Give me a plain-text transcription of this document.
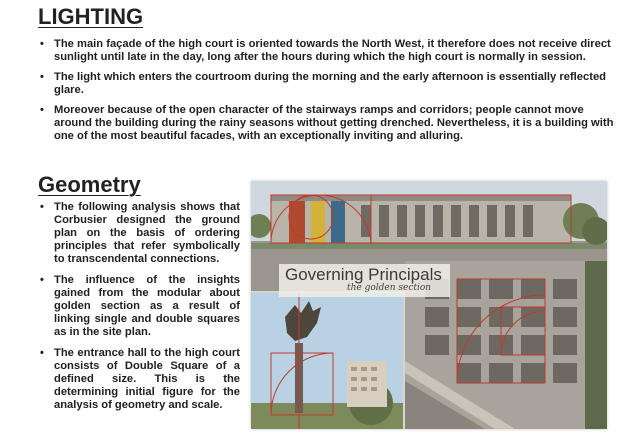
LIGHTING
• The main façade of the high court is oriented towards the North West, it therefore does not receive direct sunlight until late in the day, long after the hours during which the high court is normally in session.
• The light which enters the courtroom during the morning and the early afternoon is essentially reflected glare.
• Moreover because of the open character of the stairways ramps and corridors; people cannot move around the building during the rainy seasons without getting drenched. Nevertheless, it is a building with one of the most beautiful facades, with an exceptionally inviting and alluring.
Geometry
• The following analysis shows that Corbusier designed the ground plan on the basis of ordering principles that refer symbolically to transcendental connections.
• The influence of the insights gained from the modular about golden section as a result of linking single and double squares as in the site plan.
• The entrance hall to the high court consists of Double Square of a defined size. This is the determining initial figure for the analysis of geometry and scale.
Governing Principals
the golden section
